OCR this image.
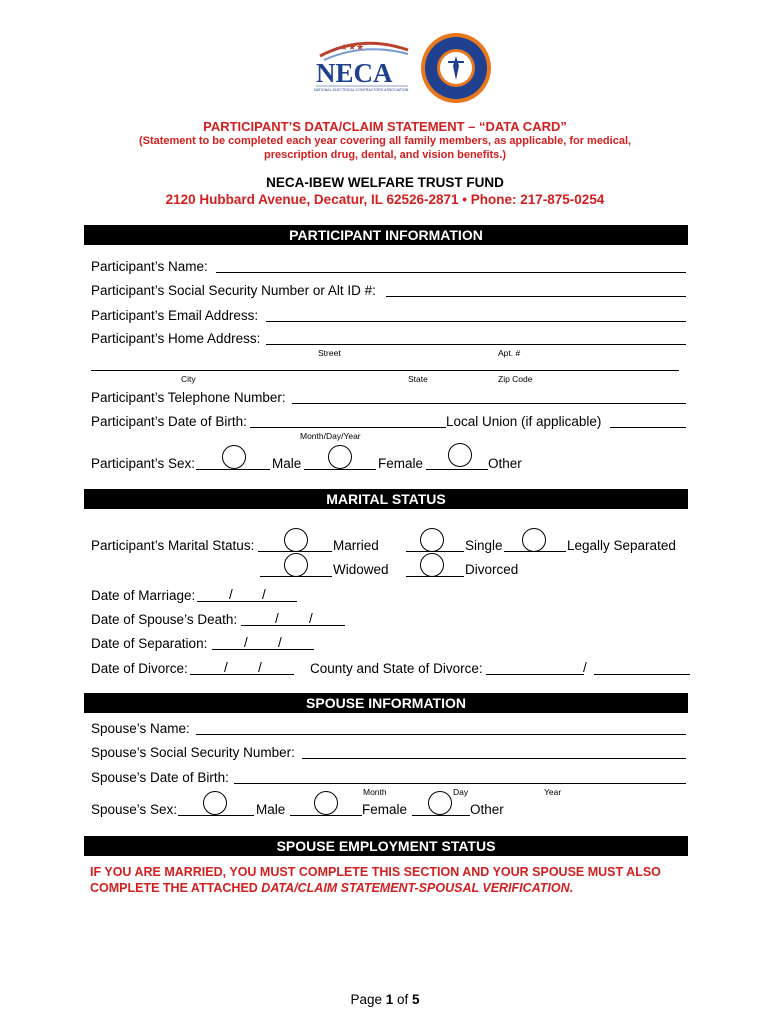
★★★
NECA
NATIONAL ELECTRICAL CONTRACTORS ASSOCIATION
PARTICIPANT’S DATA/CLAIM STATEMENT – “DATA CARD”
(Statement to be completed each year covering all family members, as applicable, for medical,
prescription drug, dental, and vision benefits.)
NECA-IBEW WELFARE TRUST FUND
2120 Hubbard Avenue, Decatur, IL 62526-2871 • Phone: 217-875-0254
PARTICIPANT INFORMATION
Participant’s Name:
Participant’s Social Security Number or Alt ID #:
Participant’s Email Address:
Participant’s Home Address:
Street	Apt. #
City	State	Zip Code
Participant’s Telephone Number:
Participant’s Date of Birth:
Month/Day/Year
Local Union (if applicable)
Participant’s Sex:	Male	Female	Other
MARITAL STATUS
Participant’s Marital Status:	Married	Single	Legally Separated
Widowed	Divorced
Date of Marriage: / /
Date of Spouse’s Death:	/ /
Date of Separation:	/ /
Date of Divorce:	/ /	County and State of Divorce:	/
SPOUSE INFORMATION
Spouse’s Name:
Spouse’s Social Security Number:
Spouse’s Date of Birth:
Month	Day	Year
Spouse’s Sex:	Male	Female	Other
SPOUSE EMPLOYMENT STATUS
IF YOU ARE MARRIED, YOU MUST COMPLETE THIS SECTION AND YOUR SPOUSE MUST ALSO COMPLETE THE ATTACHED DATA/CLAIM STATEMENT-SPOUSAL VERIFICATION.
Page 1 of 5
